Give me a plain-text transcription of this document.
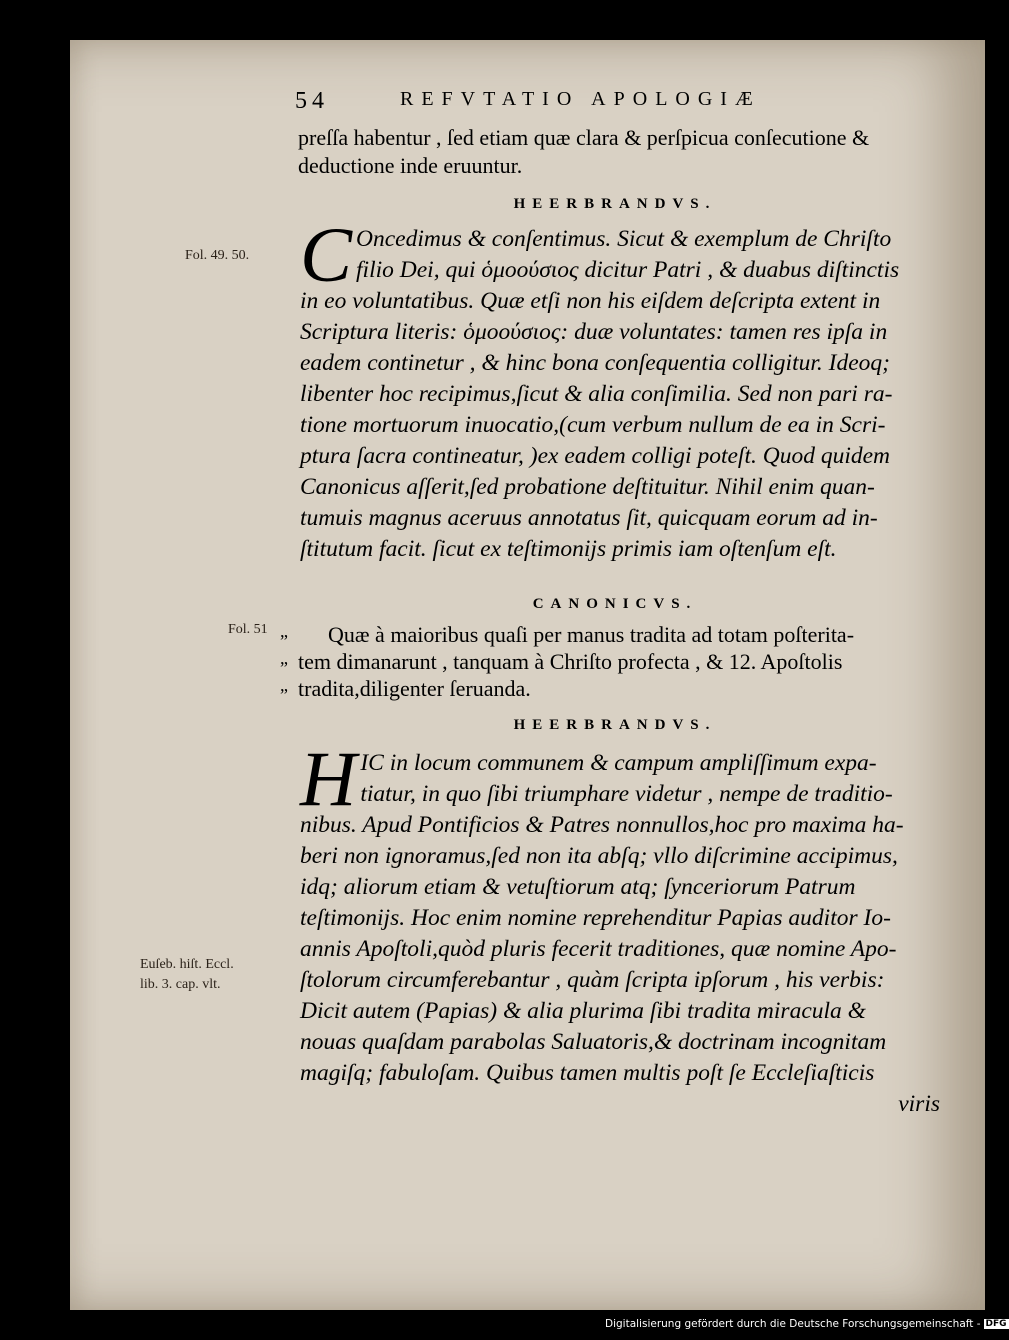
54	REFVTATIO APOLOGIÆ
preſſa habentur , ſed etiam quæ clara & perſpicua conſecutione &
deductione inde eruuntur.
HEERBRANDVS.
Fol. 49. 50. C Oncedimus & conſentimus. Sicut & exemplum de Chriſto
filio Dei, qui ὁμοούσιος dicitur Patri , & duabus diſtinctis
in eo voluntatibus. Quæ etſi non his eiſdem deſcripta extent in
Scriptura literis: ὁμοούσιος: duæ voluntates: tamen res ipſa in
eadem continetur , & hinc bona conſequentia colligitur. Ideoq;
libenter hoc recipimus,ſicut & alia conſimilia. Sed non pari ra-
tione mortuorum inuocatio,(cum verbum nullum de ea in Scri-
ptura ſacra contineatur, )ex eadem colligi poteſt. Quod quidem
Canonicus aſſerit,ſed probatione deſtituitur. Nihil enim quan-
tumuis magnus aceruus annotatus ſit, quicquam eorum ad in-
ſtitutum facit. ſicut ex teſtimonijs primis iam oſtenſum eſt.
CANONICVS.
Fol. 51 „
„
„
Quæ à maioribus quaſi per manus tradita ad totam poſterita-
tem dimanarunt , tanquam à Chriſto profecta , & 12. Apoſtolis
tradita,diligenter ſeruanda.
HEERBRANDVS.
Euſeb. hiſt. Eccl.
lib. 3. cap. vlt.
H IC in locum communem & campum ampliſſimum expa-
tiatur, in quo ſibi triumphare videtur , nempe de traditio-
nibus. Apud Pontificios & Patres nonnullos,hoc pro maxima ha-
beri non ignoramus,ſed non ita abſq; vllo diſcrimine accipimus,
idq; aliorum etiam & vetuſtiorum atq; ſynceriorum Patrum
teſtimonijs. Hoc enim nomine reprehenditur Papias auditor Io-
annis Apoſtoli,quòd pluris fecerit traditiones, quæ nomine Apo-
ſtolorum circumferebantur , quàm ſcripta ipſorum , his verbis:
Dicit autem (Papias) & alia plurima ſibi tradita miracula &
nouas quaſdam parabolas Saluatoris,& doctrinam incognitam
magiſq; fabuloſam. Quibus tamen multis poſt ſe Eccleſiaſticis
viris
Digitalisierung gefördert durch die Deutsche Forschungsgemeinschaft - DFG
